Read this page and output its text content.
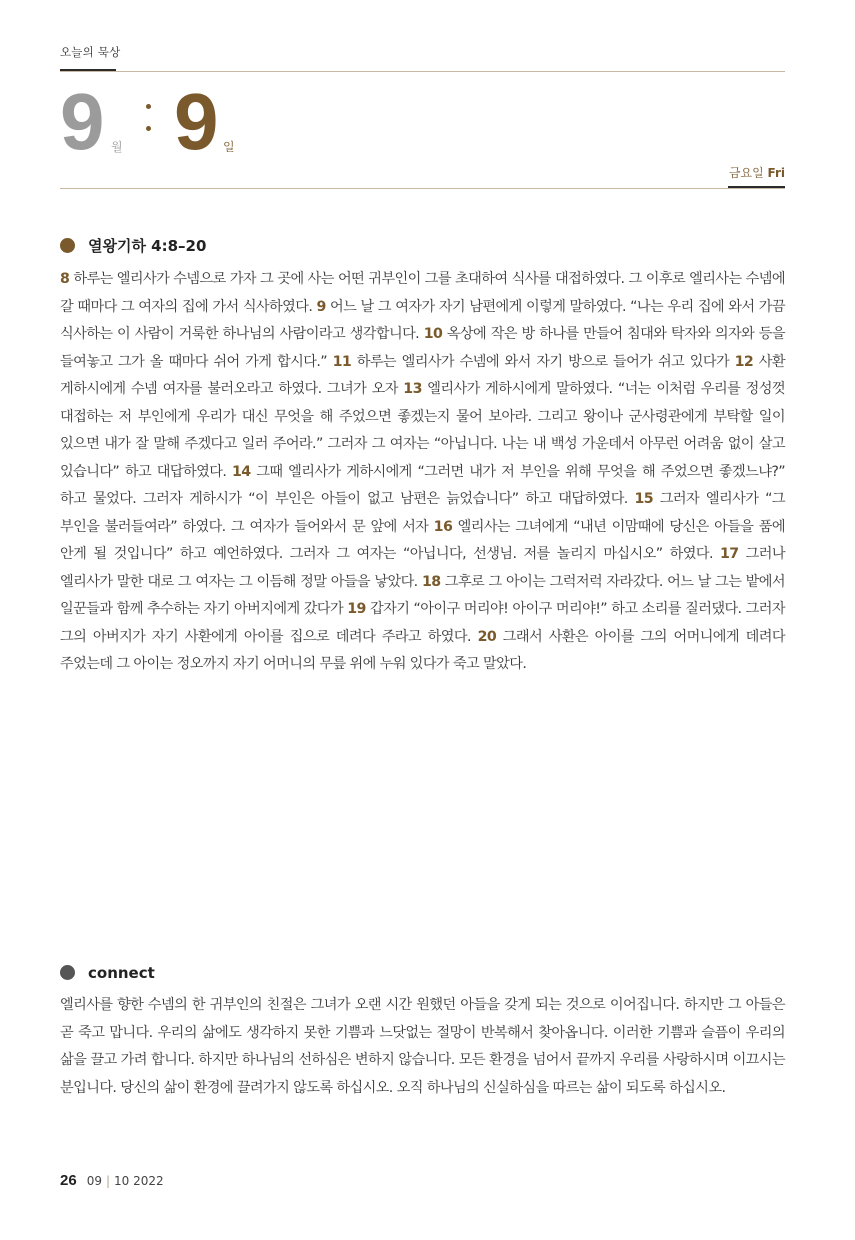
오늘의 묵상
9 월 9 일
금요일 Fri
열왕기하 4:8–20

8 하루는 엘리사가 수넴으로 가자 그 곳에 사는 어떤 귀부인이 그를 초대하여 식사를 대접하였다. 그 이후로 엘리사는 수넴에 갈 때마다 그 여자의 집에 가서 식사하였다. 9 어느 날 그 여자가 자기 남편에게 이렇게 말하였다. “나는 우리 집에 와서 가끔 식사하는 이 사람이 거룩한 하나님의 사람이라고 생각합니다. 10 옥상에 작은 방 하나를 만들어 침대와 탁자와 의자와 등을 들여놓고 그가 올 때마다 쉬어 가게 합시다.” 11 하루는 엘리사가 수넴에 와서 자기 방으로 들어가 쉬고 있다가 12 사환 게하시에게 수넴 여자를 불러오라고 하였다. 그녀가 오자 13 엘리사가 게하시에게 말하였다. “너는 이처럼 우리를 정성껏 대접하는 저 부인에게 우리가 대신 무엇을 해 주었으면 좋겠는지 물어 보아라. 그리고 왕이나 군사령관에게 부탁할 일이 있으면 내가 잘 말해 주겠다고 일러 주어라.” 그러자 그 여자는 “아닙니다. 나는 내 백성 가운데서 아무런 어려움 없이 살고 있습니다” 하고 대답하였다. 14 그때 엘리사가 게하시에게 “그러면 내가 저 부인을 위해 무엇을 해 주었으면 좋겠느냐?” 하고 물었다. 그러자 게하시가 “이 부인은 아들이 없고 남편은 늙었습니다” 하고 대답하였다. 15 그러자 엘리사가 “그 부인을 불러들여라” 하였다. 그 여자가 들어와서 문 앞에 서자 16 엘리사는 그녀에게 “내년 이맘때에 당신은 아들을 품에 안게 될 것입니다” 하고 예언하였다. 그러자 그 여자는 “아닙니다, 선생님. 저를 놀리지 마십시오” 하였다. 17 그러나 엘리사가 말한 대로 그 여자는 그 이듬해 정말 아들을 낳았다. 18 그후로 그 아이는 그럭저럭 자라갔다. 어느 날 그는 밭에서 일꾼들과 함께 추수하는 자기 아버지에게 갔다가 19 갑자기 “아이구 머리야! 아이구 머리야!” 하고 소리를 질러댔다. 그러자 그의 아버지가 자기 사환에게 아이를 집으로 데려다 주라고 하였다. 20 그래서 사환은 아이를 그의 어머니에게 데려다 주었는데 그 아이는 정오까지 자기 어머니의 무릎 위에 누워 있다가 죽고 말았다.

connect

엘리사를 향한 수넴의 한 귀부인의 친절은 그녀가 오랜 시간 원했던 아들을 갖게 되는 것으로 이어집니다. 하지만 그 아들은 곧 죽고 맙니다. 우리의 삶에도 생각하지 못한 기쁨과 느닷없는 절망이 반복해서 찾아옵니다. 이러한 기쁨과 슬픔이 우리의 삶을 끌고 가려 합니다. 하지만 하나님의 선하심은 변하지 않습니다. 모든 환경을 넘어서 끝까지 우리를 사랑하시며 이끄시는 분입니다. 당신의 삶이 환경에 끌려가지 않도록 하십시오. 오직 하나님의 신실하심을 따르는 삶이 되도록 하십시오.

26 09 | 10 2022
